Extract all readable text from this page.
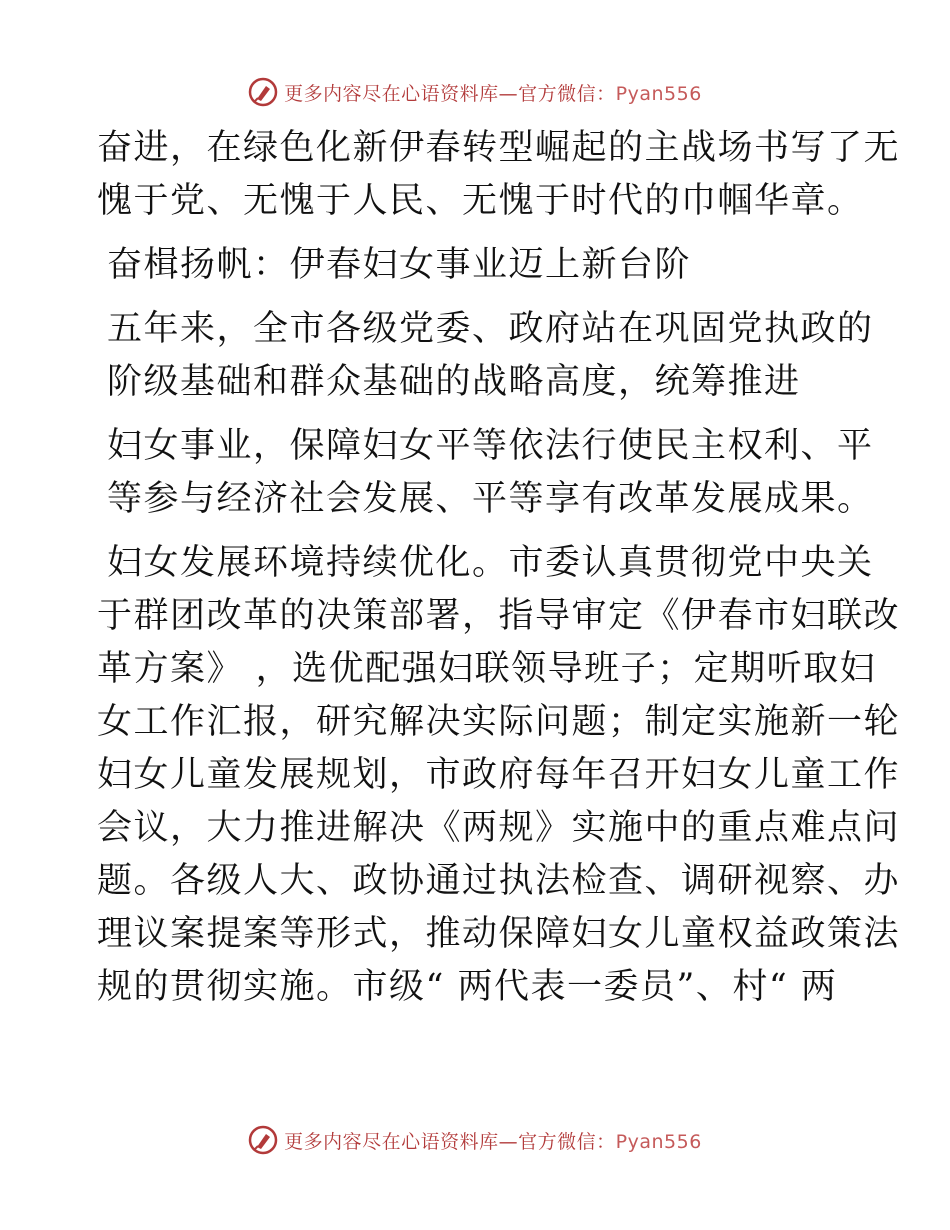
更多内容尽在心语资料库—官方微信：Pyan556

奋进，在绿色化新伊春转型崛起的主战场书写了无
愧于党、无愧于人民、无愧于时代的巾帼华章。

奋楫扬帆：伊春妇女事业迈上新台阶

五年来，全市各级党委、政府站在巩固党执政的
阶级基础和群众基础的战略高度，统筹推进

妇女事业，保障妇女平等依法行使民主权利、平
等参与经济社会发展、平等享有改革发展成果。

妇女发展环境持续优化。市委认真贯彻党中央关
于群团改革的决策部署，指导审定《伊春市妇联改
革方案》 ，选优配强妇联领导班子；定期听取妇
女工作汇报，研究解决实际问题；制定实施新一轮
妇女儿童发展规划，市政府每年召开妇女儿童工作
会议，大力推进解决《两规》实施中的重点难点问
题。各级人大、政协通过执法检查、调研视察、办
理议案提案等形式，推动保障妇女儿童权益政策法
规的贯彻实施。市级“ 两代表一委员”、村“ 两

更多内容尽在心语资料库—官方微信：Pyan556
